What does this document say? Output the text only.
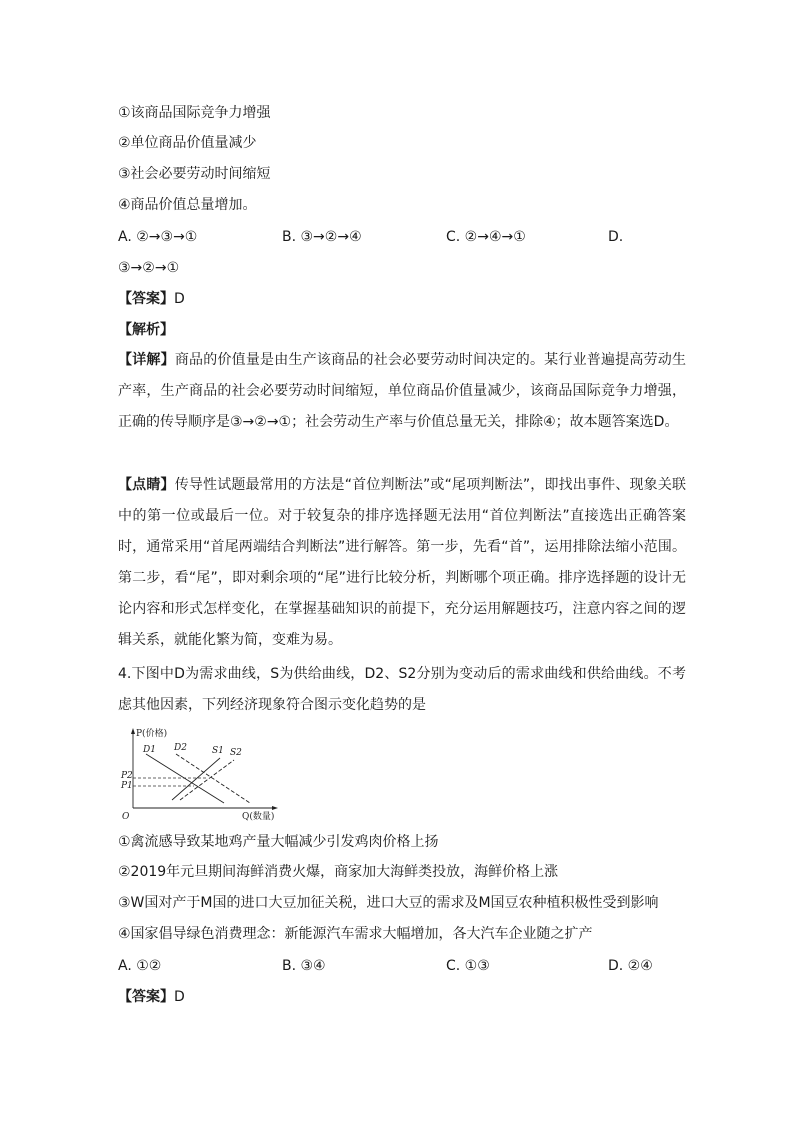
①该商品国际竞争力增强
②单位商品价值量减少
③社会必要劳动时间缩短
④商品价值总量增加。
A. ②→③→①	B. ③→②→④	C. ②→④→①	D.
③→②→①
【答案】D
【解析】
【详解】商品的价值量是由生产该商品的社会必要劳动时间决定的。某行业普遍提高劳动生产率，生产商品的社会必要劳动时间缩短，单位商品价值量减少，该商品国际竞争力增强，正确的传导顺序是③→②→①；社会劳动生产率与价值总量无关，排除④；故本题答案选D。
【点睛】传导性试题最常用的方法是“首位判断法”或“尾项判断法”，即找出事件、现象关联中的第一位或最后一位。对于较复杂的排序选择题无法用“首位判断法”直接选出正确答案时，通常采用“首尾两端结合判断法”进行解答。第一步，先看“首”，运用排除法缩小范围。第二步，看“尾”，即对剩余项的“尾”进行比较分析，判断哪个项正确。排序选择题的设计无论内容和形式怎样变化，在掌握基础知识的前提下，充分运用解题技巧，注意内容之间的逻辑关系，就能化繁为简，变难为易。
4.下图中D为需求曲线，S为供给曲线，D2、S2分别为变动后的需求曲线和供给曲线。不考虑其他因素，下列经济现象符合图示变化趋势的是
P(价格)
Q(数量)
O
P2
P1
D1 D2	S1 S2
①禽流感导致某地鸡产量大幅减少引发鸡肉价格上扬
②2019年元旦期间海鲜消费火爆，商家加大海鲜类投放，海鲜价格上涨
③W国对产于M国的进口大豆加征关税，进口大豆的需求及M国豆农种植积极性受到影响
④国家倡导绿色消费理念：新能源汽车需求大幅增加，各大汽车企业随之扩产
A. ①②	B. ③④	C. ①③	D. ②④
【答案】D
